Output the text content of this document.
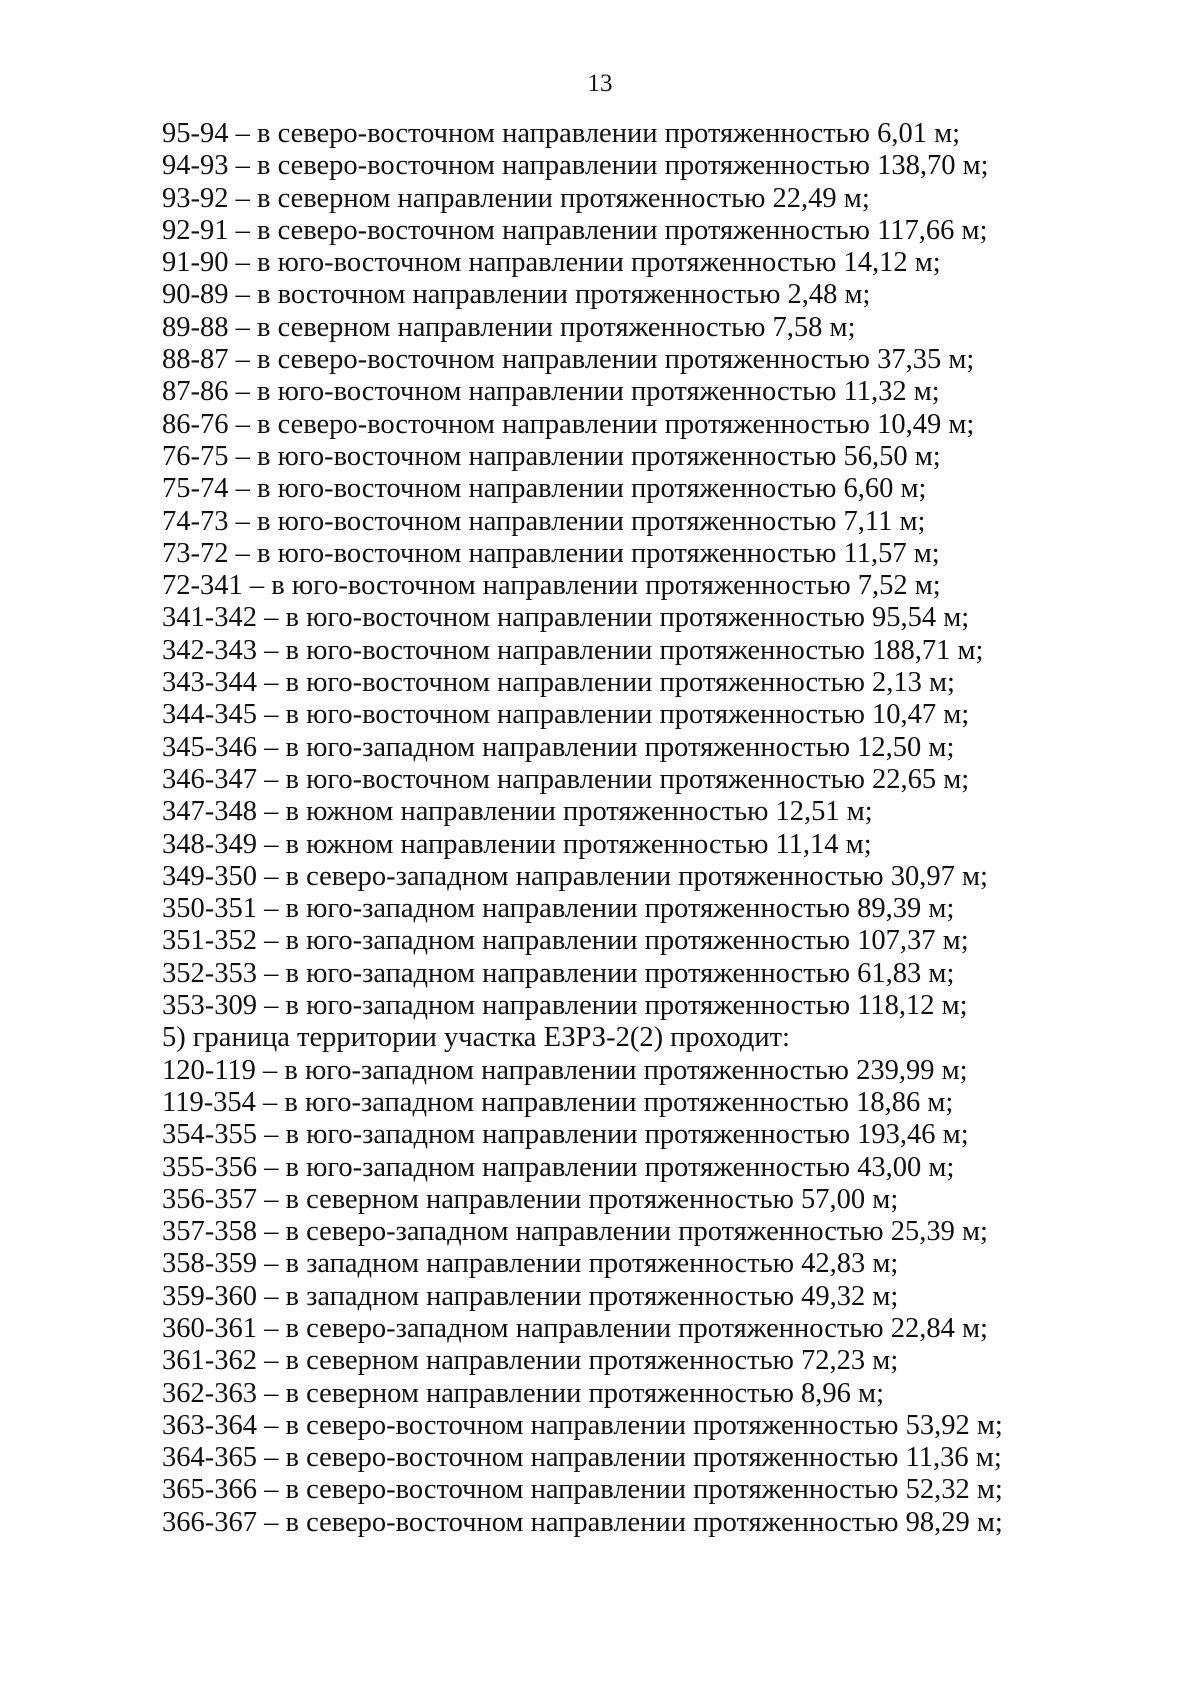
13
95-94 – в северо-восточном направлении протяженностью 6,01 м;
94-93 – в северо-восточном направлении протяженностью 138,70 м;
93-92 – в северном направлении протяженностью 22,49 м;
92-91 – в северо-восточном направлении протяженностью 117,66 м;
91-90 – в юго-восточном направлении протяженностью 14,12 м;
90-89 – в восточном направлении протяженностью 2,48 м;
89-88 – в северном направлении протяженностью 7,58 м;
88-87 – в северо-восточном направлении протяженностью 37,35 м;
87-86 – в юго-восточном направлении протяженностью 11,32 м;
86-76 – в северо-восточном направлении протяженностью 10,49 м;
76-75 – в юго-восточном направлении протяженностью 56,50 м;
75-74 – в юго-восточном направлении протяженностью 6,60 м;
74-73 – в юго-восточном направлении протяженностью 7,11 м;
73-72 – в юго-восточном направлении протяженностью 11,57 м;
72-341 – в юго-восточном направлении протяженностью 7,52 м;
341-342 – в юго-восточном направлении протяженностью 95,54 м;
342-343 – в юго-восточном направлении протяженностью 188,71 м;
343-344 – в юго-восточном направлении протяженностью 2,13 м;
344-345 – в юго-восточном направлении протяженностью 10,47 м;
345-346 – в юго-западном направлении протяженностью 12,50 м;
346-347 – в юго-восточном направлении протяженностью 22,65 м;
347-348 – в южном направлении протяженностью 12,51 м;
348-349 – в южном направлении протяженностью 11,14 м;
349-350 – в северо-западном направлении протяженностью 30,97 м;
350-351 – в юго-западном направлении протяженностью 89,39 м;
351-352 – в юго-западном направлении протяженностью 107,37 м;
352-353 – в юго-западном направлении протяженностью 61,83 м;
353-309 – в юго-западном направлении протяженностью 118,12 м;
5) граница территории участка ЕЗРЗ-2(2) проходит:
120-119 – в юго-западном направлении протяженностью 239,99 м;
119-354 – в юго-западном направлении протяженностью 18,86 м;
354-355 – в юго-западном направлении протяженностью 193,46 м;
355-356 – в юго-западном направлении протяженностью 43,00 м;
356-357 – в северном направлении протяженностью 57,00 м;
357-358 – в северо-западном направлении протяженностью 25,39 м;
358-359 – в западном направлении протяженностью 42,83 м;
359-360 – в западном направлении протяженностью 49,32 м;
360-361 – в северо-западном направлении протяженностью 22,84 м;
361-362 – в северном направлении протяженностью 72,23 м;
362-363 – в северном направлении протяженностью 8,96 м;
363-364 – в северо-восточном направлении протяженностью 53,92 м;
364-365 – в северо-восточном направлении протяженностью 11,36 м;
365-366 – в северо-восточном направлении протяженностью 52,32 м;
366-367 – в северо-восточном направлении протяженностью 98,29 м;
